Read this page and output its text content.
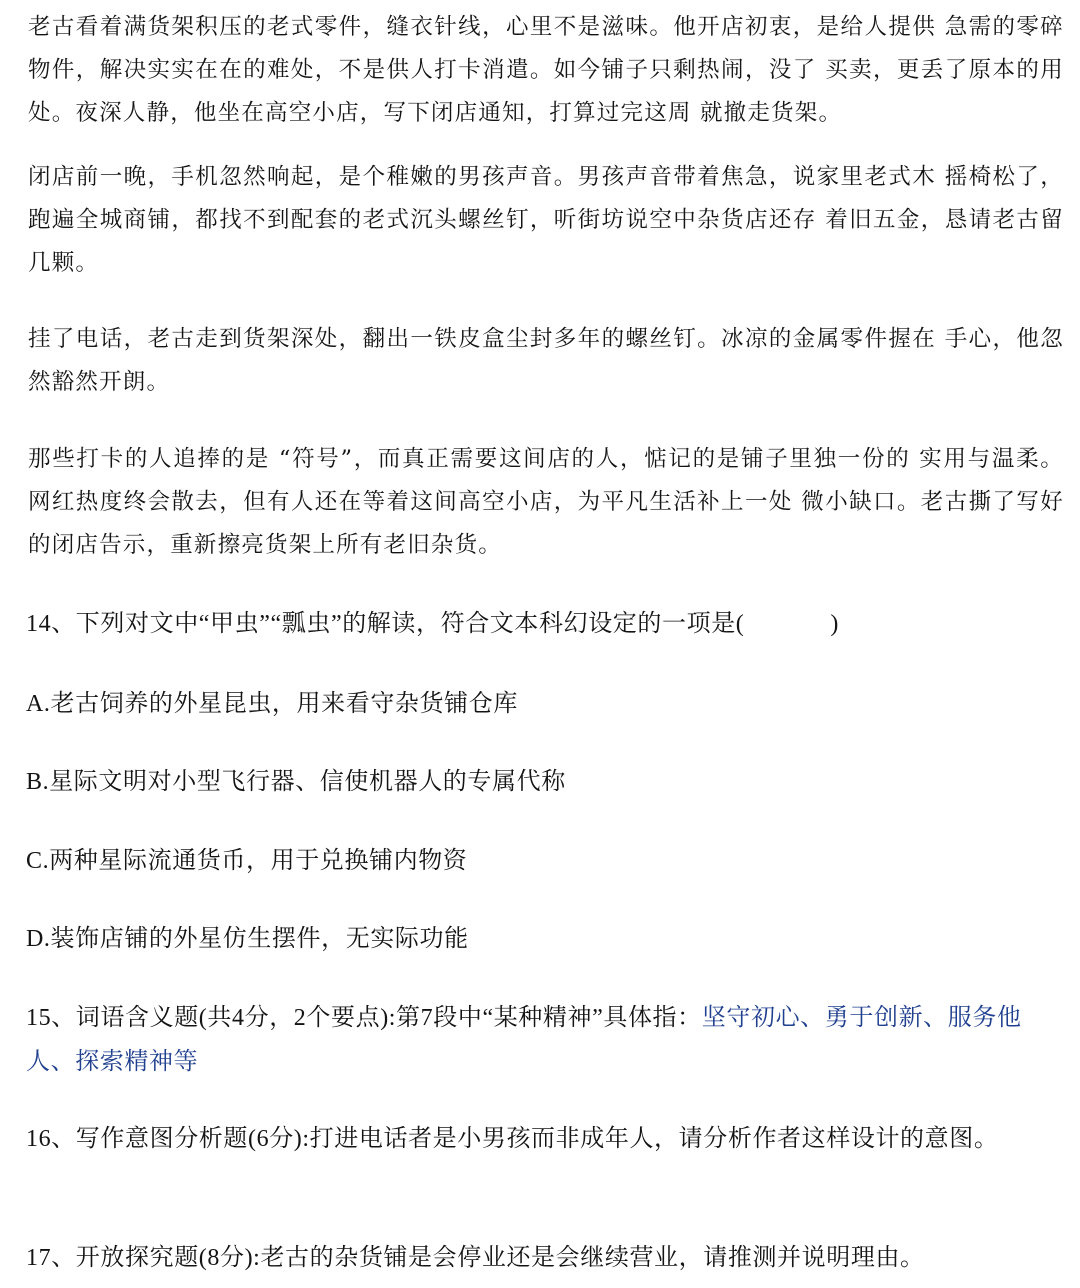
老古看着满货架积压的老式零件，缝衣针线，心里不是滋味。他开店初衷，是给人提供 急需的零碎物件，解决实实在在的难处，不是供人打卡消遣。如今铺子只剩热闹，没了 买卖，更丢了原本的用处。夜深人静，他坐在高空小店，写下闭店通知，打算过完这周 就撤走货架。

闭店前一晚，手机忽然响起，是个稚嫩的男孩声音。男孩声音带着焦急，说家里老式木 摇椅松了，跑遍全城商铺，都找不到配套的老式沉头螺丝钉，听街坊说空中杂货店还存 着旧五金，恳请老古留几颗。

挂了电话，老古走到货架深处，翻出一铁皮盒尘封多年的螺丝钉。冰凉的金属零件握在 手心，他忽然豁然开朗。

那些打卡的人追捧的是 “符号”，而真正需要这间店的人，惦记的是铺子里独一份的 实用与温柔。网红热度终会散去，但有人还在等着这间高空小店，为平凡生活补上一处 微小缺口。老古撕了写好的闭店告示，重新擦亮货架上所有老旧杂货。

14、下列对文中“甲虫”“瓢虫”的解读，符合文本科幻设定的一项是(	)

A.老古饲养的外星昆虫，用来看守杂货铺仓库

B.星际文明对小型飞行器、信使机器人的专属代称

C.两种星际流通货币，用于兑换铺内物资

D.装饰店铺的外星仿生摆件，无实际功能

15、词语含义题(共4分，2个要点):第7段中“某种精神”具体指：坚守初心、勇于创新、服务他人、探索精神等

16、写作意图分析题(6分):打进电话者是小男孩而非成年人，请分析作者这样设计的意图。

17、开放探究题(8分):老古的杂货铺是会停业还是会继续营业，请推测并说明理由。
